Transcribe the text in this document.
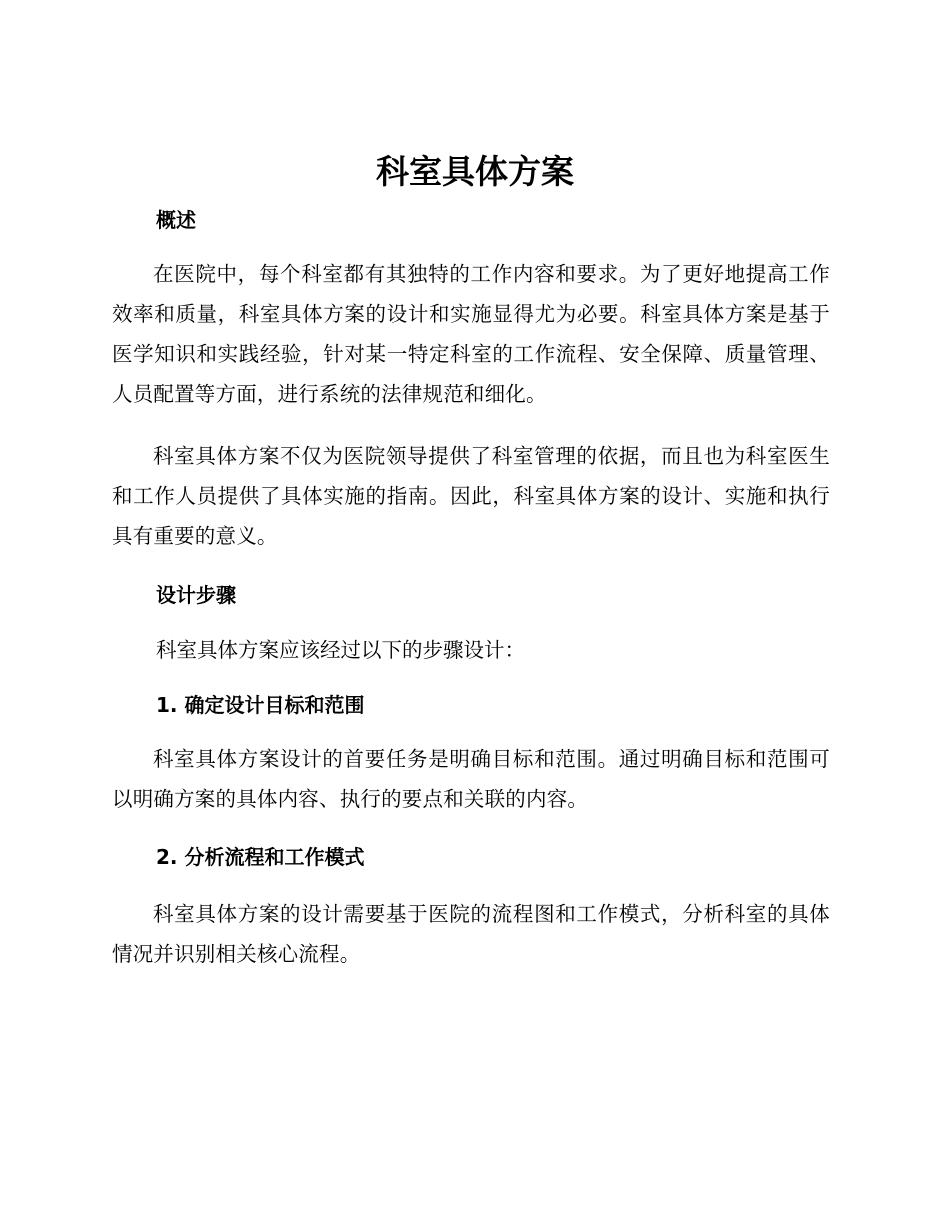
科室具体方案
概述

在医院中，每个科室都有其独特的工作内容和要求。为了更好地提高工作效率和质量，科室具体方案的设计和实施显得尤为必要。科室具体方案是基于医学知识和实践经验，针对某一特定科室的工作流程、安全保障、质量管理、人员配置等方面，进行系统的法律规范和细化。

科室具体方案不仅为医院领导提供了科室管理的依据，而且也为科室医生和工作人员提供了具体实施的指南。因此，科室具体方案的设计、实施和执行具有重要的意义。

设计步骤

科室具体方案应该经过以下的步骤设计：

1. 确定设计目标和范围

科室具体方案设计的首要任务是明确目标和范围。通过明确目标和范围可以明确方案的具体内容、执行的要点和关联的内容。

2. 分析流程和工作模式

科室具体方案的设计需要基于医院的流程图和工作模式，分析科室的具体情况并识别相关核心流程。
